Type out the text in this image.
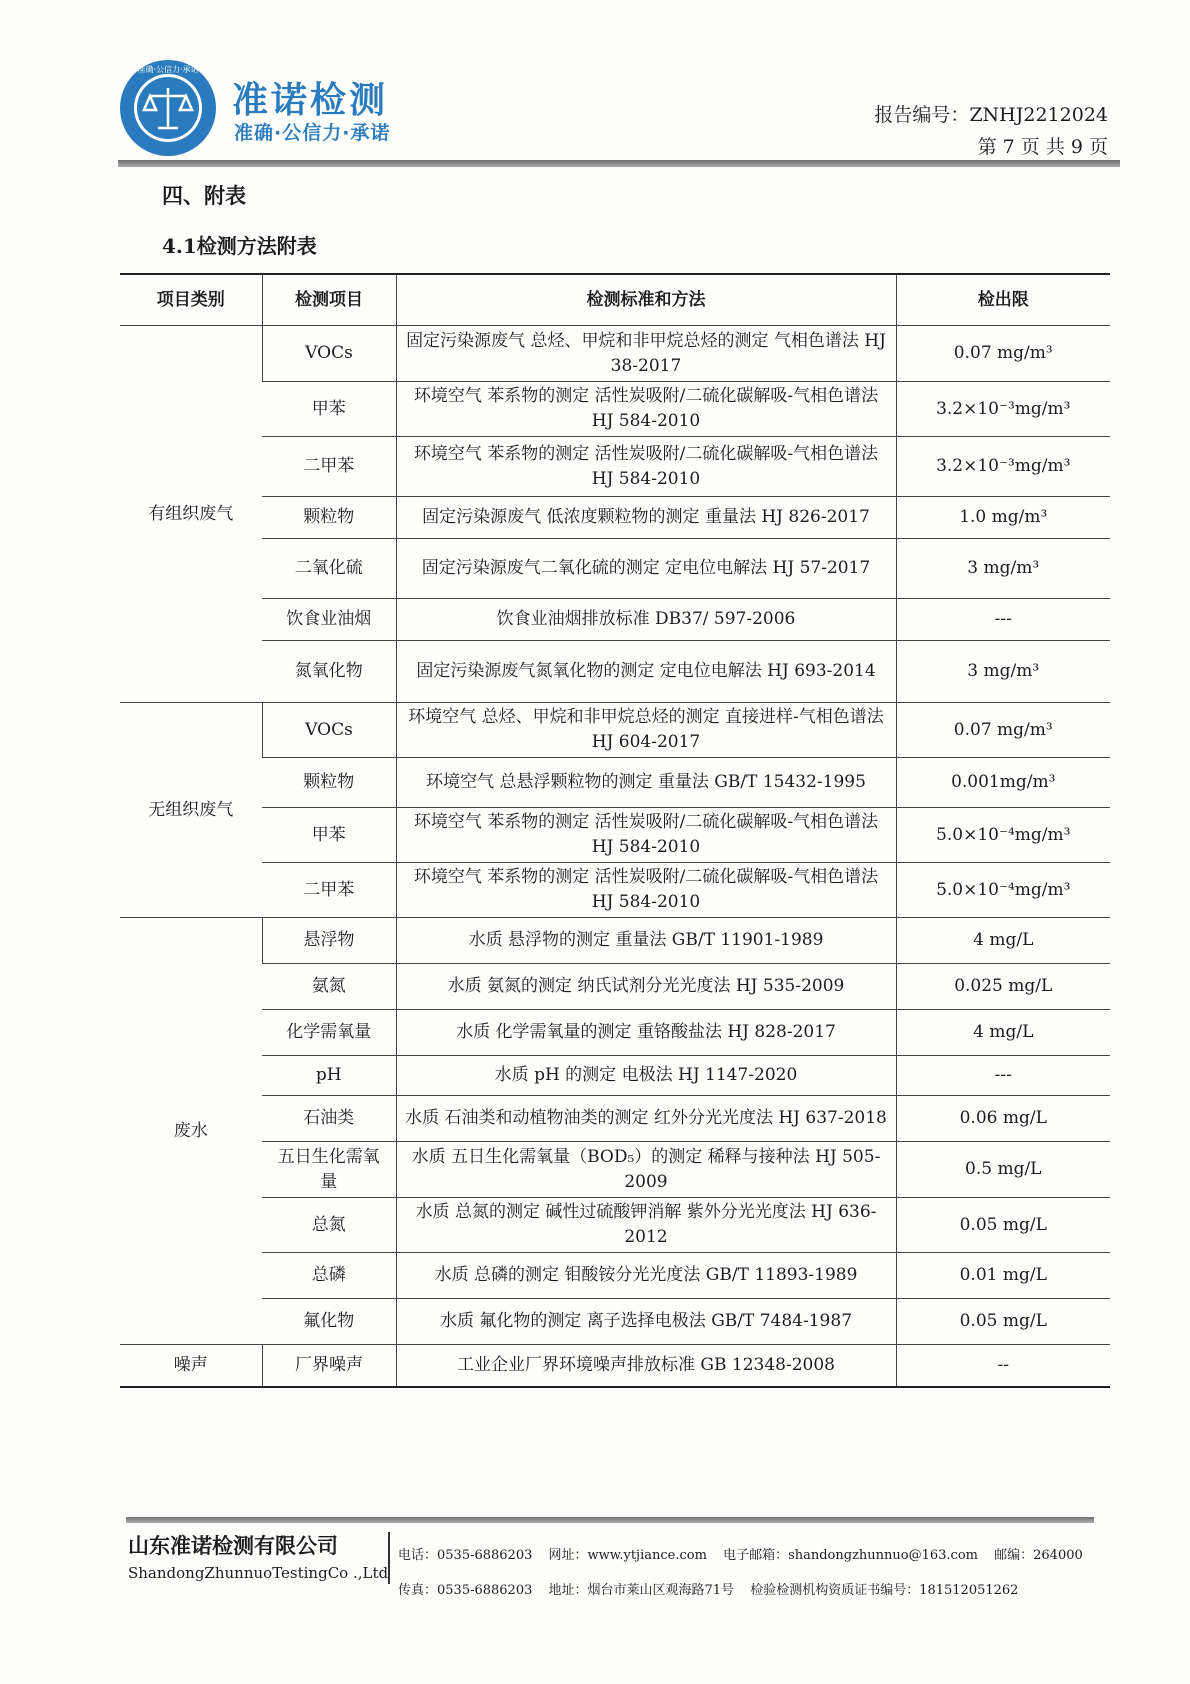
准确·公信力·承诺
准诺检测
准确·公信力·承诺
报告编号：ZNHJ2212024
第 7 页 共 9 页
四、附表
4.1检测方法附表
项目类别	检测项目	检测标准和方法	检出限
有组织废气	VOCs	固定污染源废气 总烃、甲烷和非甲烷总烃的测定 气相色谱法 HJ 38-2017	0.07 mg/m³
	甲苯	环境空气 苯系物的测定 活性炭吸附/二硫化碳解吸-气相色谱法 HJ 584-2010	3.2×10⁻³mg/m³
	二甲苯	环境空气 苯系物的测定 活性炭吸附/二硫化碳解吸-气相色谱法 HJ 584-2010	3.2×10⁻³mg/m³
	颗粒物	固定污染源废气 低浓度颗粒物的测定 重量法 HJ 826-2017	1.0 mg/m³
	二氧化硫	固定污染源废气二氧化硫的测定 定电位电解法 HJ 57-2017	3 mg/m³
	饮食业油烟	饮食业油烟排放标准 DB37/ 597-2006	---
	氮氧化物	固定污染源废气氮氧化物的测定 定电位电解法 HJ 693-2014	3 mg/m³
无组织废气	VOCs	环境空气 总烃、甲烷和非甲烷总烃的测定 直接进样-气相色谱法 HJ 604-2017	0.07 mg/m³
	颗粒物	环境空气 总悬浮颗粒物的测定 重量法 GB/T 15432-1995	0.001mg/m³
	甲苯	环境空气 苯系物的测定 活性炭吸附/二硫化碳解吸-气相色谱法 HJ 584-2010	5.0×10⁻⁴mg/m³
	二甲苯	环境空气 苯系物的测定 活性炭吸附/二硫化碳解吸-气相色谱法 HJ 584-2010	5.0×10⁻⁴mg/m³
废水	悬浮物	水质 悬浮物的测定 重量法 GB/T 11901-1989	4 mg/L
	氨氮	水质 氨氮的测定 纳氏试剂分光光度法 HJ 535-2009	0.025 mg/L
	化学需氧量	水质 化学需氧量的测定 重铬酸盐法 HJ 828-2017	4 mg/L
	pH	水质 pH 的测定 电极法 HJ 1147-2020	---
	石油类	水质 石油类和动植物油类的测定 红外分光光度法 HJ 637-2018	0.06 mg/L
	五日生化需氧量	水质 五日生化需氧量（BOD₅）的测定 稀释与接种法 HJ 505-2009	0.5 mg/L
	总氮	水质 总氮的测定 碱性过硫酸钾消解 紫外分光光度法 HJ 636-2012	0.05 mg/L
	总磷	水质 总磷的测定 钼酸铵分光光度法 GB/T 11893-1989	0.01 mg/L
	氟化物	水质 氟化物的测定 离子选择电极法 GB/T 7484-1987	0.05 mg/L
噪声	厂界噪声	工业企业厂界环境噪声排放标准 GB 12348-2008	--
山东准诺检测有限公司
ShandongZhunnuoTestingCo .,Ltd
电话：0535-6886203 网址：www.ytjiance.com 电子邮箱：shandongzhunnuo@163.com 邮编：264000
传真：0535-6886203 地址：烟台市莱山区观海路71号 检验检测机构资质证书编号：181512051262
